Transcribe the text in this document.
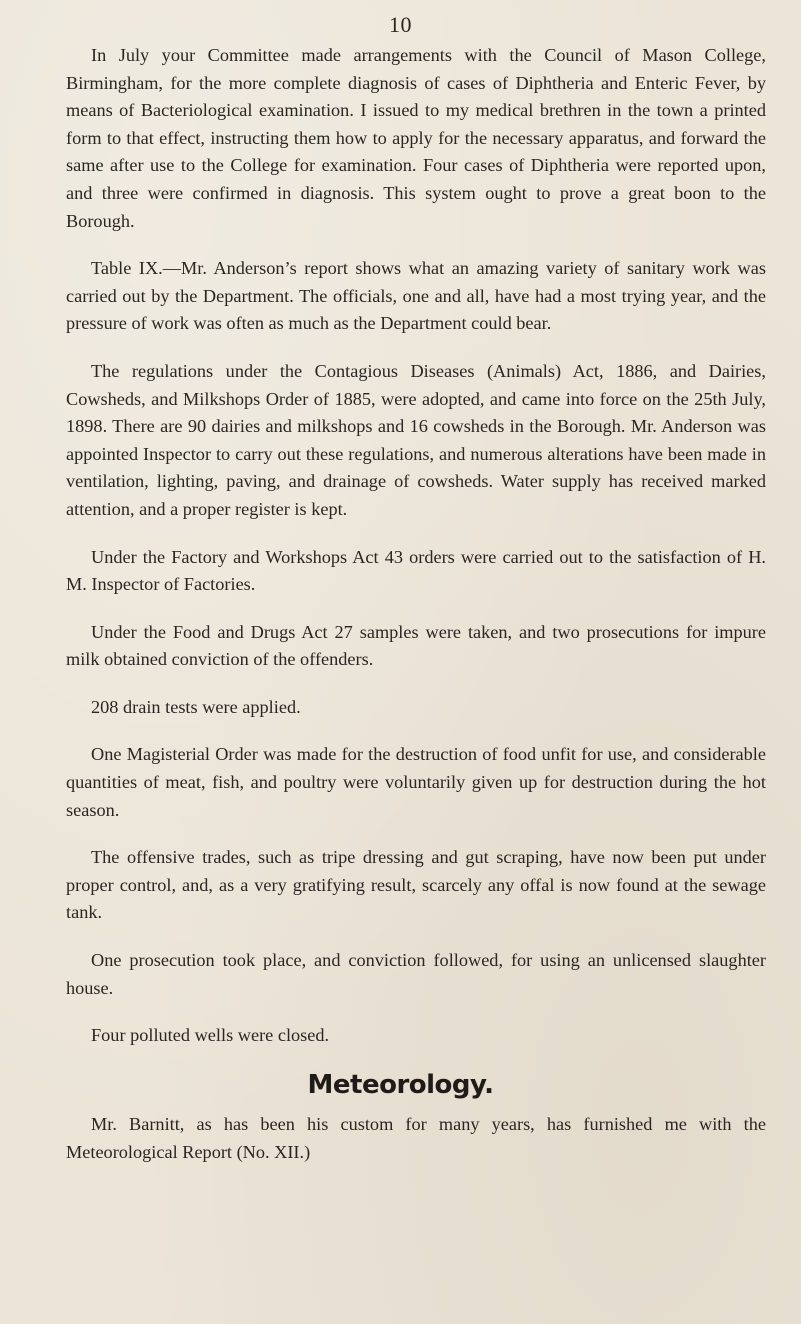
10

In July your Committee made arrangements with the Council of Mason College, Birmingham, for the more complete diagnosis of cases of Diphtheria and Enteric Fever, by means of Bacteriological examination. I issued to my medical brethren in the town a printed form to that effect, instructing them how to apply for the necessary apparatus, and forward the same after use to the College for examination. Four cases of Diphtheria were reported upon, and three were confirmed in diagnosis. This system ought to prove a great boon to the Borough.

Table IX.—Mr. Anderson’s report shows what an amazing variety of sanitary work was carried out by the Department. The officials, one and all, have had a most trying year, and the pressure of work was often as much as the Department could bear.

The regulations under the Contagious Diseases (Animals) Act, 1886, and Dairies, Cowsheds, and Milkshops Order of 1885, were adopted, and came into force on the 25th July, 1898. There are 90 dairies and milkshops and 16 cowsheds in the Borough. Mr. Anderson was appointed Inspector to carry out these regulations, and numerous alterations have been made in ventilation, lighting, paving, and drainage of cowsheds. Water supply has received marked attention, and a proper register is kept.

Under the Factory and Workshops Act 43 orders were carried out to the satisfaction of H. M. Inspector of Factories.

Under the Food and Drugs Act 27 samples were taken, and two prosecutions for impure milk obtained conviction of the offenders.

208 drain tests were applied.

One Magisterial Order was made for the destruction of food unfit for use, and considerable quantities of meat, fish, and poultry were voluntarily given up for destruction during the hot season.

The offensive trades, such as tripe dressing and gut scraping, have now been put under proper control, and, as a very gratifying result, scarcely any offal is now found at the sewage tank.

One prosecution took place, and conviction followed, for using an unlicensed slaughter house.

Four polluted wells were closed.

Meteorology.

Mr. Barnitt, as has been his custom for many years, has furnished me with the Meteorological Report (No. XII.)
